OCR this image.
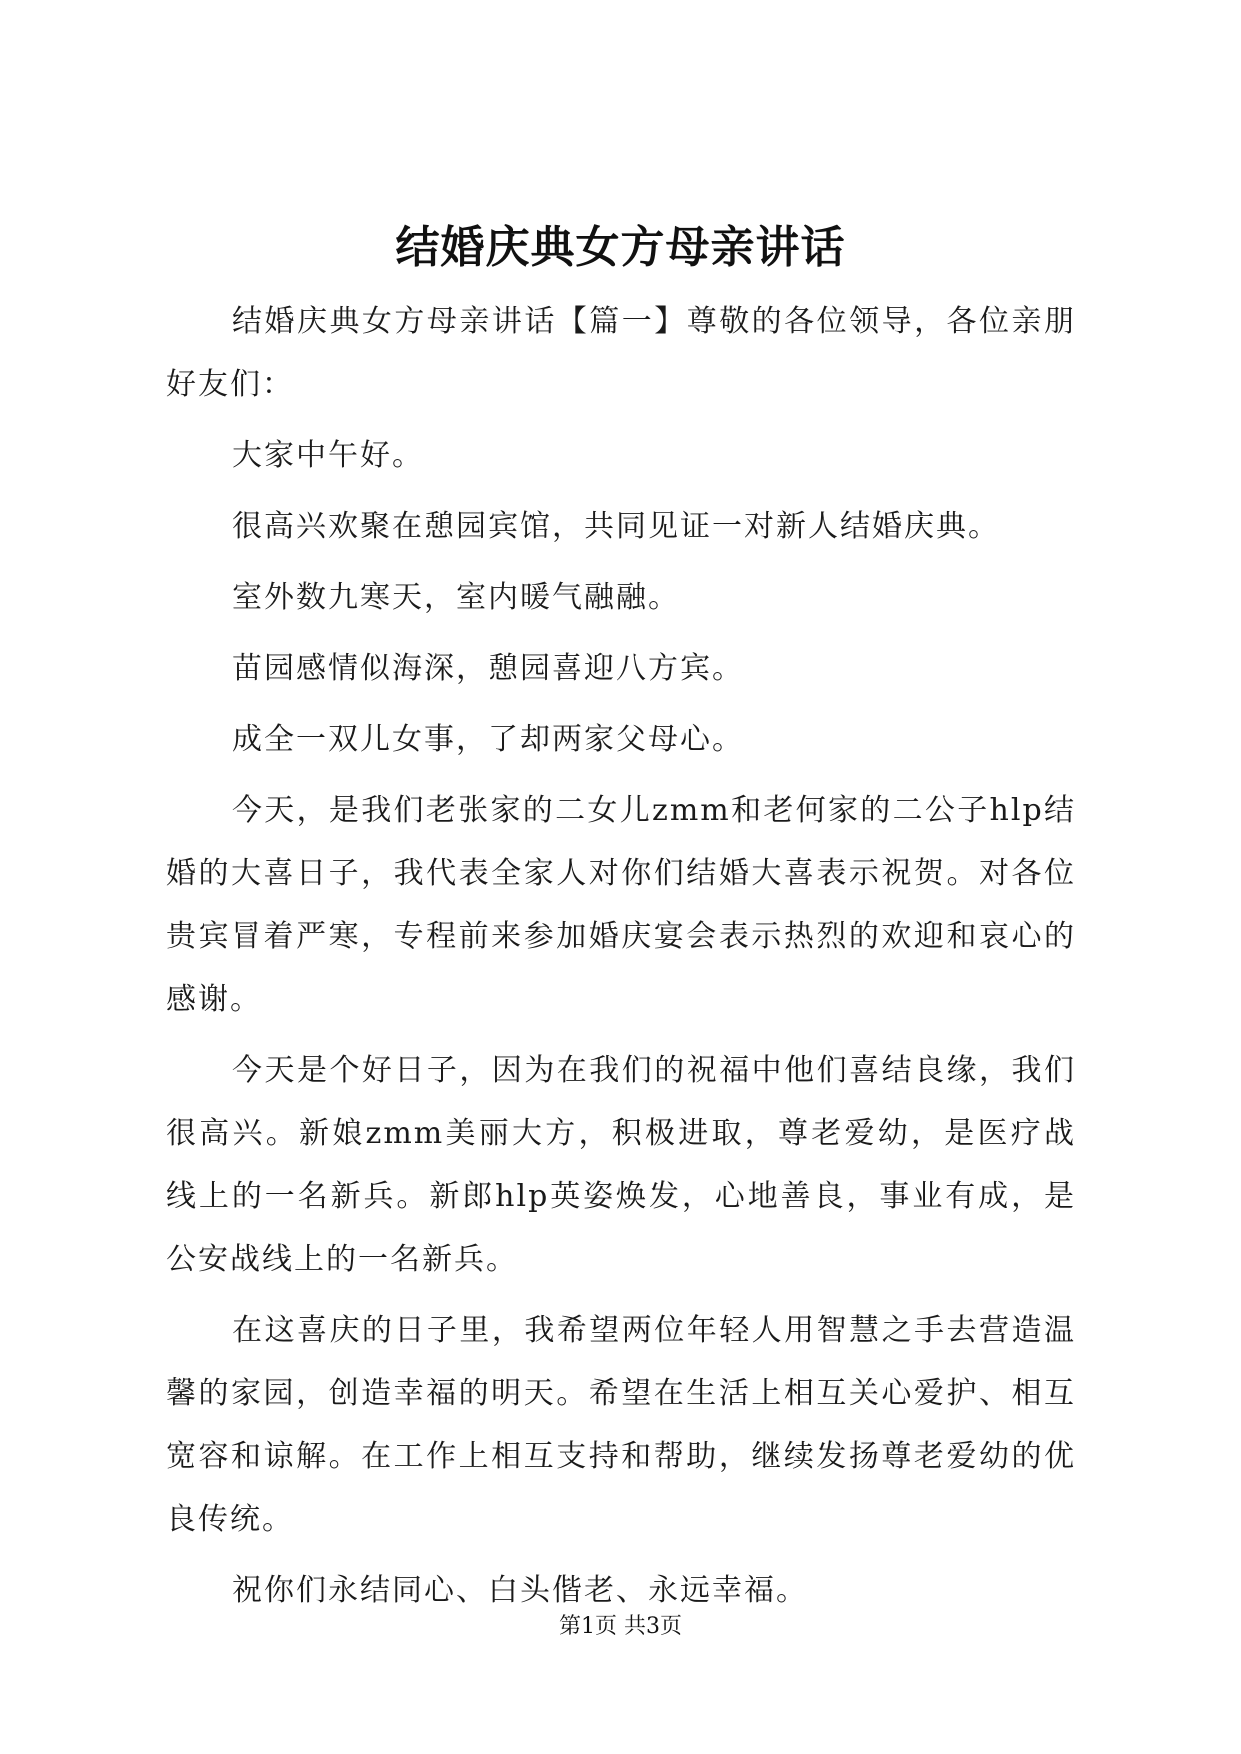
结婚庆典女方母亲讲话

结婚庆典女方母亲讲话【篇一】尊敬的各位领导，各位亲朋好友们：

大家中午好。

很高兴欢聚在憩园宾馆，共同见证一对新人结婚庆典。

室外数九寒天，室内暖气融融。

苗园感情似海深，憩园喜迎八方宾。

成全一双儿女事，了却两家父母心。

今天，是我们老张家的二女儿zmm和老何家的二公子hlp结婚的大喜日子，我代表全家人对你们结婚大喜表示祝贺。对各位贵宾冒着严寒，专程前来参加婚庆宴会表示热烈的欢迎和哀心的感谢。

今天是个好日子，因为在我们的祝福中他们喜结良缘，我们很高兴。新娘zmm美丽大方，积极进取，尊老爱幼，是医疗战线上的一名新兵。新郎hlp英姿焕发，心地善良，事业有成，是公安战线上的一名新兵。

在这喜庆的日子里，我希望两位年轻人用智慧之手去营造温馨的家园，创造幸福的明天。希望在生活上相互关心爱护、相互宽容和谅解。在工作上相互支持和帮助，继续发扬尊老爱幼的优良传统。

祝你们永结同心、白头偕老、永远幸福。

第1页 共3页
